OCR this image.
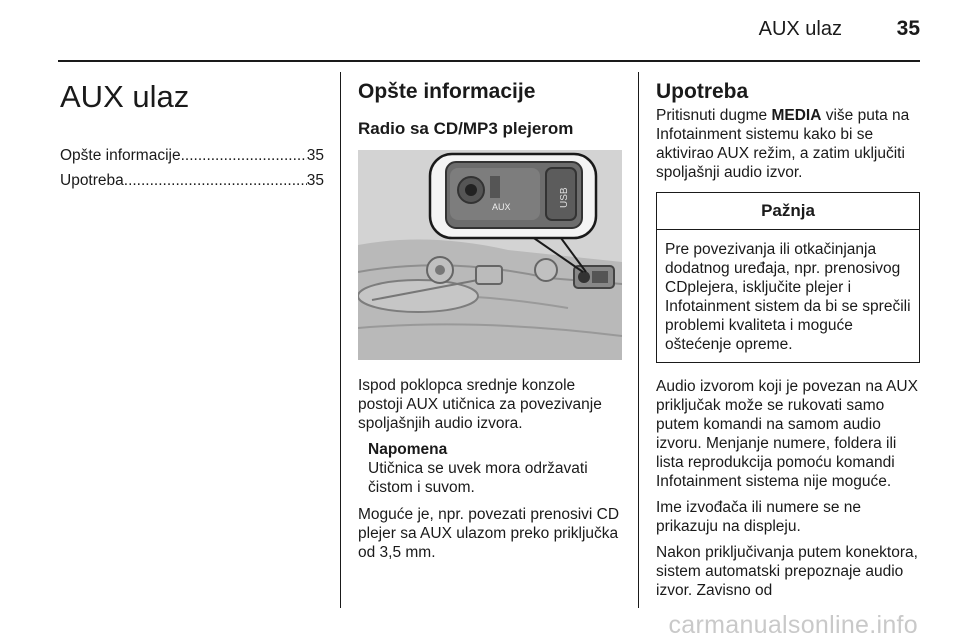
AUX ulaz	35
AUX ulaz
Opšte informacije .....	35
Upotreba .....	35
Opšte informacije
Radio sa CD/MP3 plejerom
AUX	USB

Ispod poklopca srednje konzole postoji AUX utičnica za povezivanje spoljašnjih audio izvora.

Napomena

Utičnica se uvek mora održavati čistom i suvom.

Moguće je, npr. povezati prenosivi CD plejer sa AUX ulazom preko priključka od 3,5 mm.

Upotreba

Pritisnuti dugme MEDIA više puta na Infotainment sistemu kako bi se aktivirao AUX režim, a zatim uključiti spoljašnji audio izvor.

Pažnja

Pre povezivanja ili otkačinjanja dodatnog uređaja, npr. prenosivog CDplejera, isključite plejer i Infotainment sistem da bi se sprečili problemi kvaliteta i moguće oštećenje opreme.

Audio izvorom koji je povezan na AUX priključak može se rukovati samo putem komandi na samom audio izvoru. Menjanje numere, foldera ili lista reprodukcija pomoću komandi Infotainment sistema nije moguće.

Ime izvođača ili numere se ne prikazuju na displeju.

Nakon priključivanja putem konektora, sistem automatski prepoznaje audio izvor. Zavisno od

carmanualsonline.info
